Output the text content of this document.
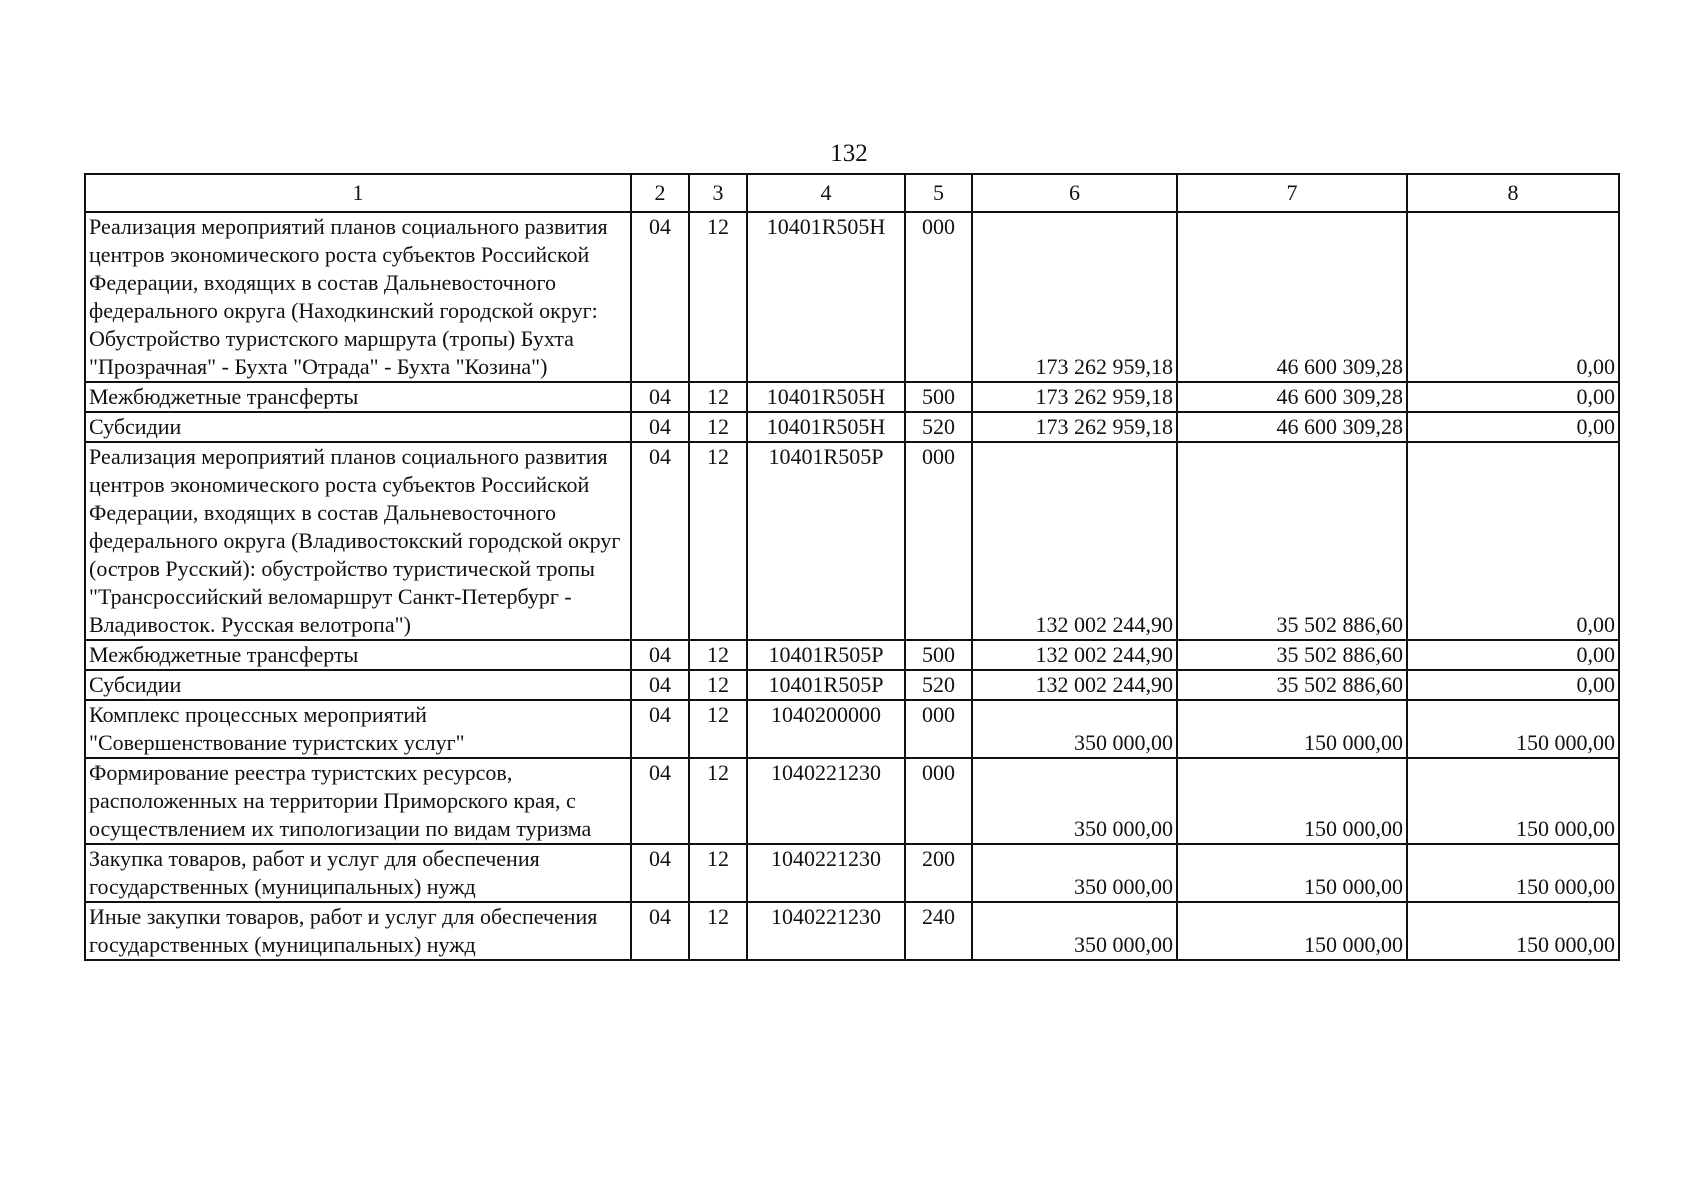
132
1	2	3	4	5	6	7	8
Реализация мероприятий планов социального развития центров экономического роста субъектов Российской Федерации, входящих в состав Дальневосточного федерального округа (Находкинский городской округ: Обустройство туристского маршрута (тропы) Бухта "Прозрачная" - Бухта "Отрада" - Бухта "Козина")	04	12	10401R505Н	000	173 262 959,18	46 600 309,28	0,00
Межбюджетные трансферты	04	12	10401R505Н	500	173 262 959,18	46 600 309,28	0,00
Субсидии	04	12	10401R505Н	520	173 262 959,18	46 600 309,28	0,00
Реализация мероприятий планов социального развития центров экономического роста субъектов Российской Федерации, входящих в состав Дальневосточного федерального округа (Владивостокский городской округ (остров Русский): обустройство туристической тропы "Трансроссийский веломаршрут Санкт-Петербург - Владивосток. Русская велотропа")	04	12	10401R505Р	000	132 002 244,90	35 502 886,60	0,00
Межбюджетные трансферты	04	12	10401R505Р	500	132 002 244,90	35 502 886,60	0,00
Субсидии	04	12	10401R505Р	520	132 002 244,90	35 502 886,60	0,00
Комплекс процессных мероприятий "Совершенствование туристских услуг"	04	12	1040200000	000	350 000,00	150 000,00	150 000,00
Формирование реестра туристских ресурсов, расположенных на территории Приморского края, с осуществлением их типологизации по видам туризма	04	12	1040221230	000	350 000,00	150 000,00	150 000,00
Закупка товаров, работ и услуг для обеспечения государственных (муниципальных) нужд	04	12	1040221230	200	350 000,00	150 000,00	150 000,00
Иные закупки товаров, работ и услуг для обеспечения государственных (муниципальных) нужд	04	12	1040221230	240	350 000,00	150 000,00	150 000,00
